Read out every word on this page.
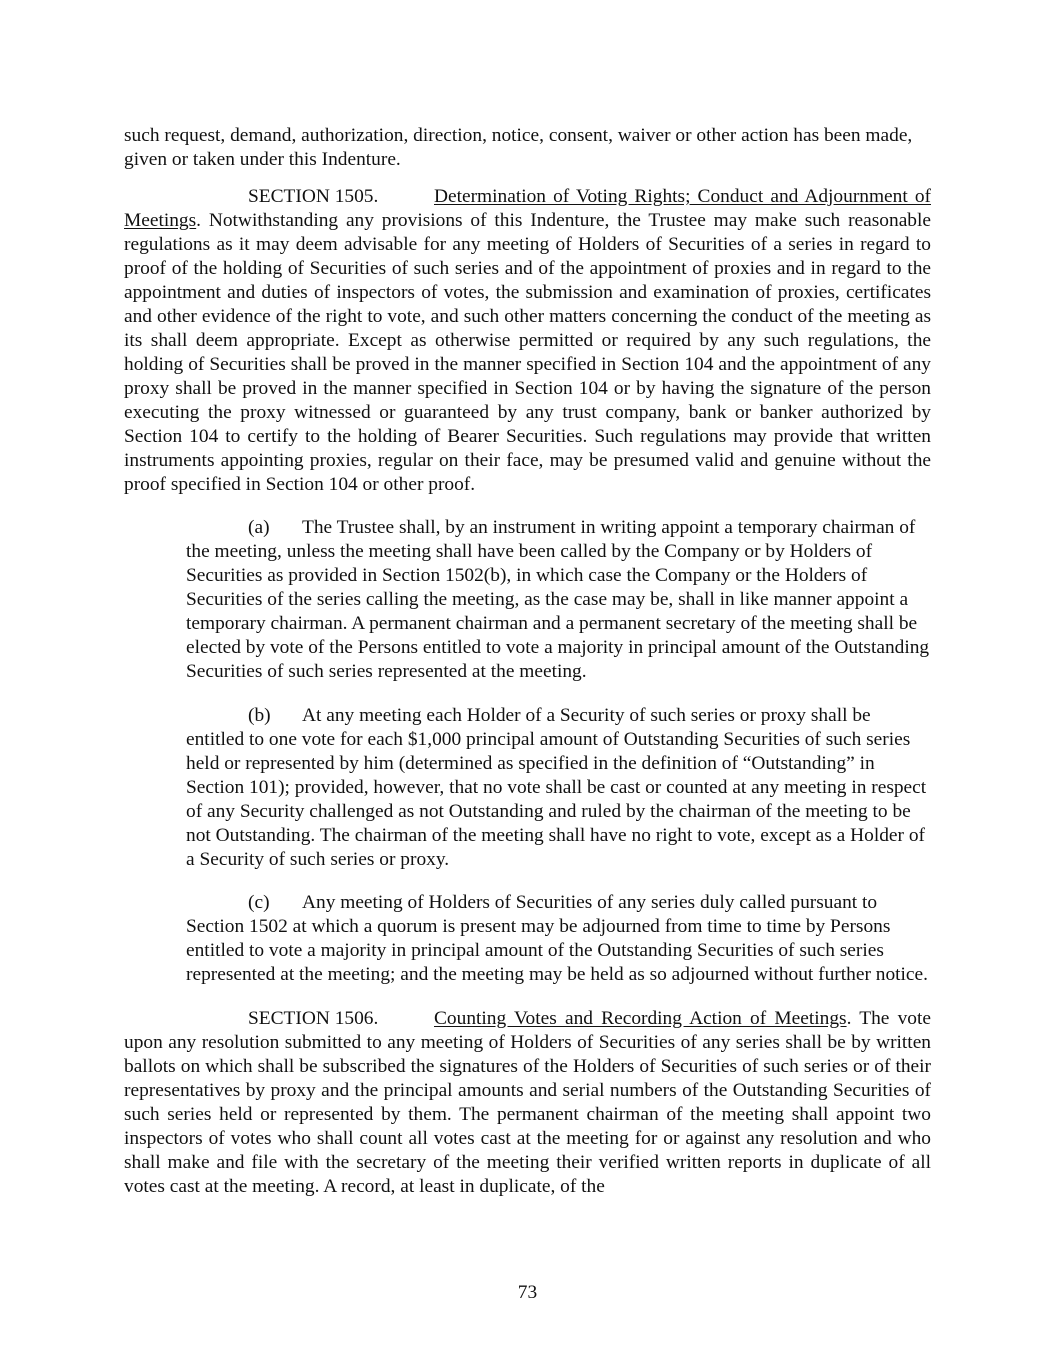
such request, demand, authorization, direction, notice, consent, waiver or other action has been made, given or taken under this Indenture.

SECTION 1505.	Determination of Voting Rights; Conduct and Adjournment of Meetings. Notwithstanding any provisions of this Indenture, the Trustee may make such reasonable regulations as it may deem advisable for any meeting of Holders of Securities of a series in regard to proof of the holding of Securities of such series and of the appointment of proxies and in regard to the appointment and duties of inspectors of votes, the submission and examination of proxies, certificates and other evidence of the right to vote, and such other matters concerning the conduct of the meeting as its shall deem appropriate. Except as otherwise permitted or required by any such regulations, the holding of Securities shall be proved in the manner specified in Section 104 and the appointment of any proxy shall be proved in the manner specified in Section 104 or by having the signature of the person executing the proxy witnessed or guaranteed by any trust company, bank or banker authorized by Section 104 to certify to the holding of Bearer Securities. Such regulations may provide that written instruments appointing proxies, regular on their face, may be presumed valid and genuine without the proof specified in Section 104 or other proof.

(a) The Trustee shall, by an instrument in writing appoint a temporary chairman of the meeting, unless the meeting shall have been called by the Company or by Holders of Securities as provided in Section 1502(b), in which case the Company or the Holders of Securities of the series calling the meeting, as the case may be, shall in like manner appoint a temporary chairman. A permanent chairman and a permanent secretary of the meeting shall be elected by vote of the Persons entitled to vote a majority in principal amount of the Outstanding Securities of such series represented at the meeting.

(b) At any meeting each Holder of a Security of such series or proxy shall be entitled to one vote for each $1,000 principal amount of Outstanding Securities of such series held or represented by him (determined as specified in the definition of “Outstanding” in Section 101); provided, however, that no vote shall be cast or counted at any meeting in respect of any Security challenged as not Outstanding and ruled by the chairman of the meeting to be not Outstanding. The chairman of the meeting shall have no right to vote, except as a Holder of a Security of such series or proxy.

(c) Any meeting of Holders of Securities of any series duly called pursuant to Section 1502 at which a quorum is present may be adjourned from time to time by Persons entitled to vote a majority in principal amount of the Outstanding Securities of such series represented at the meeting; and the meeting may be held as so adjourned without further notice.

SECTION 1506.	Counting Votes and Recording Action of Meetings. The vote upon any resolution submitted to any meeting of Holders of Securities of any series shall be by written ballots on which shall be subscribed the signatures of the Holders of Securities of such series or of their representatives by proxy and the principal amounts and serial numbers of the Outstanding Securities of such series held or represented by them. The permanent chairman of the meeting shall appoint two inspectors of votes who shall count all votes cast at the meeting for or against any resolution and who shall make and file with the secretary of the meeting their verified written reports in duplicate of all votes cast at the meeting. A record, at least in duplicate, of the

73
